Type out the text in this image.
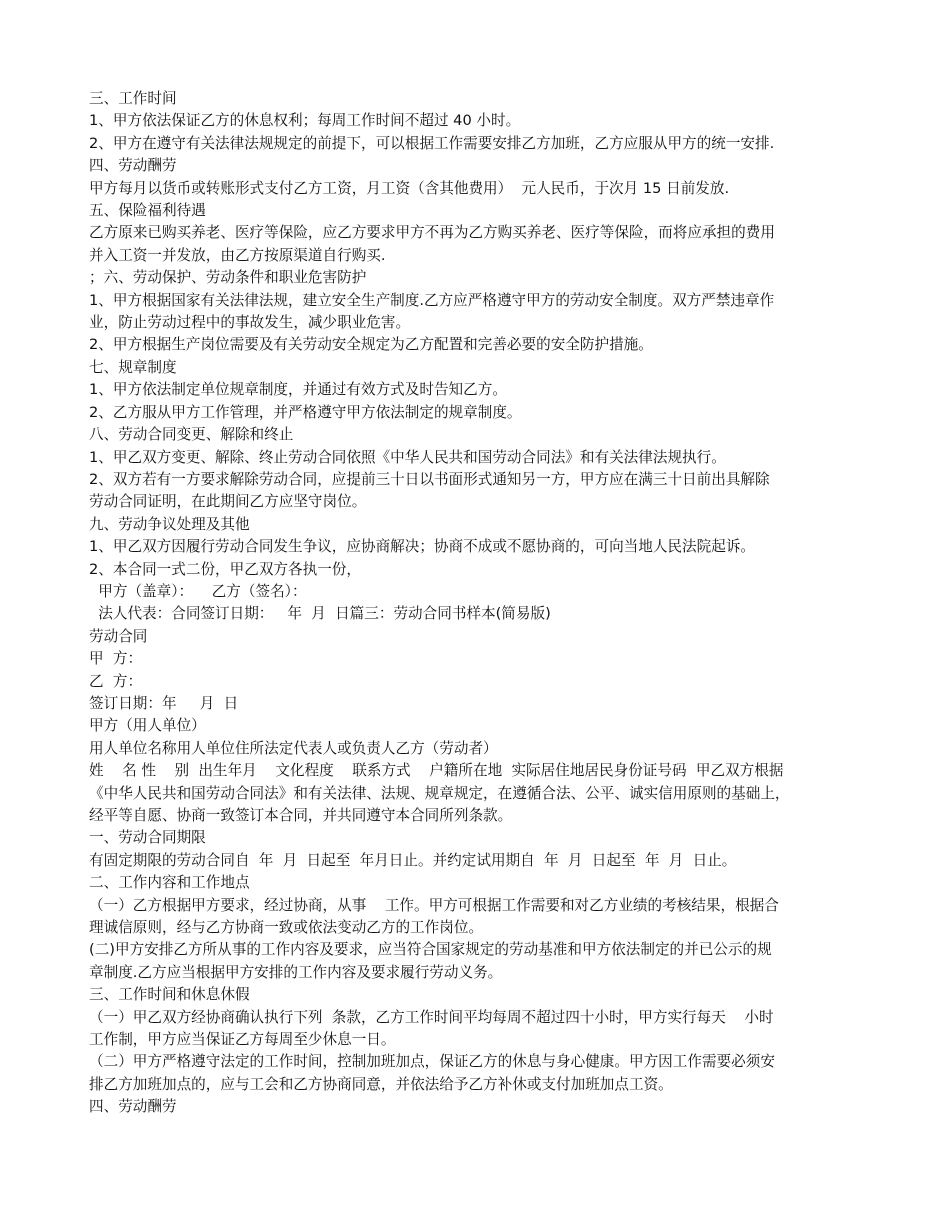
三、工作时间
1、甲方依法保证乙方的休息权利；每周工作时间不超过 40 小时。
2、甲方在遵守有关法律法规规定的前提下，可以根据工作需要安排乙方加班，乙方应服从甲方的统一安排.
四、劳动酬劳
甲方每月以货币或转账形式支付乙方工资，月工资（含其他费用）  元人民币，于次月 15 日前发放.
五、保险福利待遇
乙方原来已购买养老、医疗等保险，应乙方要求甲方不再为乙方购买养老、医疗等保险，而将应承担的费用
并入工资一并发放，由乙方按原渠道自行购买.
；六、劳动保护、劳动条件和职业危害防护
1、甲方根据国家有关法律法规，建立安全生产制度.乙方应严格遵守甲方的劳动安全制度。双方严禁违章作
业，防止劳动过程中的事故发生，减少职业危害。
2、甲方根据生产岗位需要及有关劳动安全规定为乙方配置和完善必要的安全防护措施。
七、规章制度
1、甲方依法制定单位规章制度，并通过有效方式及时告知乙方。
2、乙方服从甲方工作管理，并严格遵守甲方依法制定的规章制度。
八、劳动合同变更、解除和终止
1、甲乙双方变更、解除、终止劳动合同依照《中华人民共和国劳动合同法》和有关法律法规执行。
2、双方若有一方要求解除劳动合同，应提前三十日以书面形式通知另一方，甲方应在满三十日前出具解除
劳动合同证明，在此期间乙方应坚守岗位。
九、劳动争议处理及其他
1、甲乙双方因履行劳动合同发生争议，应协商解决；协商不成或不愿协商的，可向当地人民法院起诉。
2、本合同一式二份，甲乙双方各执一份，
甲方（盖章）：    乙方（签名）：
法人代表：合同签订日期：   年  月  日篇三：劳动合同书样本(简易版)
劳动合同
甲  方：
乙  方：
签订日期：年     月  日
甲方（用人单位）
用人单位名称用人单位住所法定代表人或负责人乙方（劳动者）
姓    名 性    别  出生年月    文化程度    联系方式    户籍所在地  实际居住地居民身份证号码  甲乙双方根据
《中华人民共和国劳动合同法》和有关法律、法规、规章规定，在遵循合法、公平、诚实信用原则的基础上，
经平等自愿、协商一致签订本合同，并共同遵守本合同所列条款。
一、劳动合同期限
有固定期限的劳动合同自  年  月  日起至  年月日止。并约定试用期自  年  月  日起至  年  月  日止。
二、工作内容和工作地点
（一）乙方根据甲方要求，经过协商，从事    工作。甲方可根据工作需要和对乙方业绩的考核结果，根据合
理诚信原则，经与乙方协商一致或依法变动乙方的工作岗位。
(二)甲方安排乙方所从事的工作内容及要求，应当符合国家规定的劳动基准和甲方依法制定的并已公示的规
章制度.乙方应当根据甲方安排的工作内容及要求履行劳动义务。
三、工作时间和休息休假
（一）甲乙双方经协商确认执行下列  条款，乙方工作时间平均每周不超过四十小时，甲方实行每天    小时
工作制，甲方应当保证乙方每周至少休息一日。
（二）甲方严格遵守法定的工作时间，控制加班加点，保证乙方的休息与身心健康。甲方因工作需要必须安
排乙方加班加点的，应与工会和乙方协商同意，并依法给予乙方补休或支付加班加点工资。
四、劳动酬劳
